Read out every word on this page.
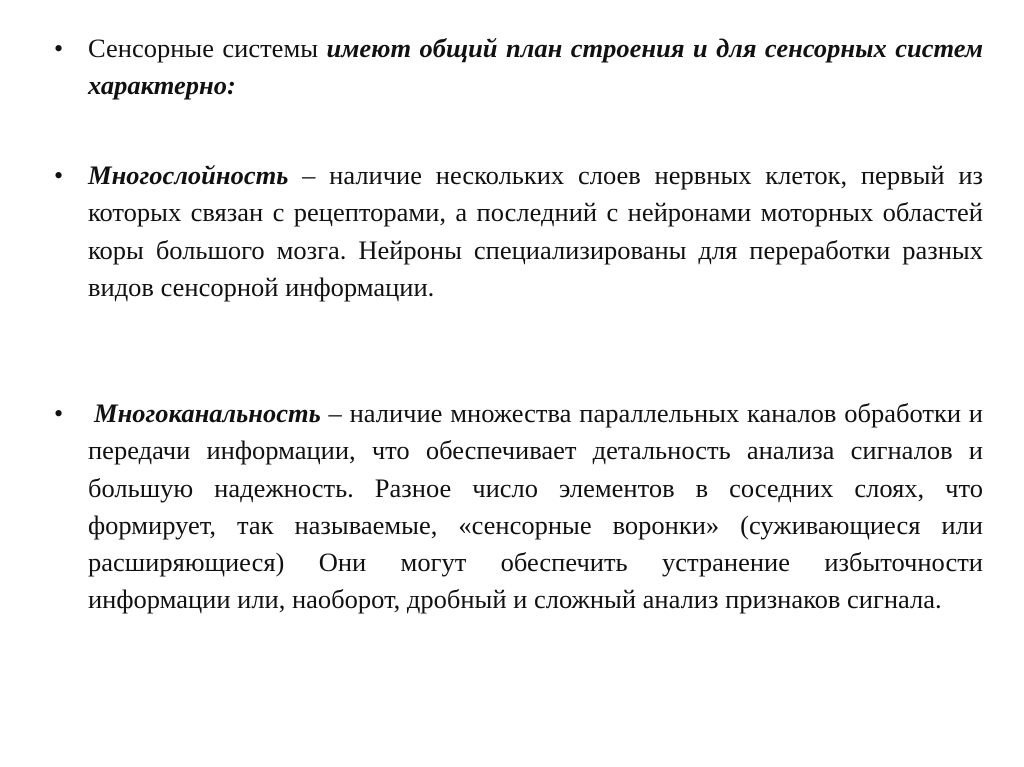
• Сенсорные системы имеют общий план строения и для сенсорных систем характерно:
• Многослойность – наличие нескольких слоев нервных клеток, первый из которых связан с рецепторами, а последний с нейронами моторных областей коры большого мозга. Нейроны специализированы для переработки разных видов сенсорной информации.
•	Многоканальность – наличие множества параллельных каналов обработки и передачи информации, что обеспечивает детальность анализа сигналов и большую надежность. Разное число элементов в соседних слоях, что формирует, так называемые, «сенсорные воронки» (суживающиеся или расширяющиеся) Они могут обеспечить устранение избыточности информации или, наоборот, дробный и сложный анализ признаков сигнала.
